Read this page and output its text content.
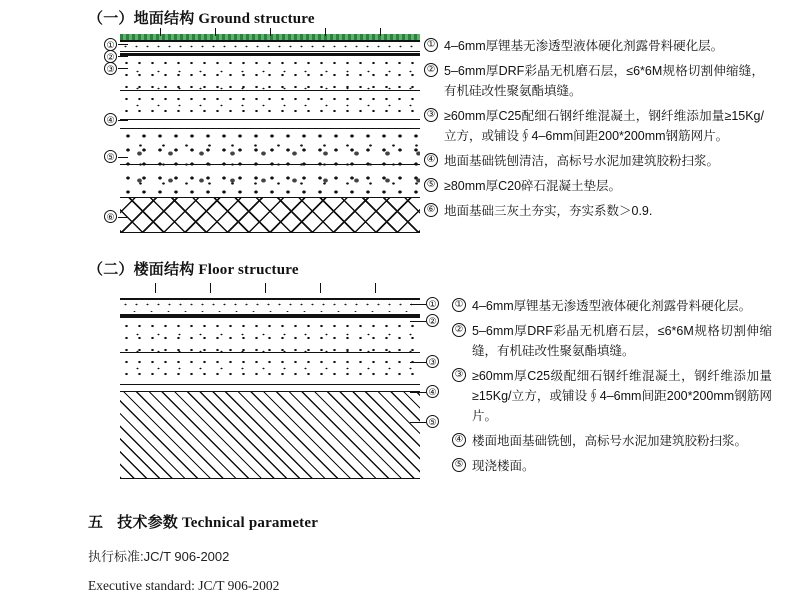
（一）地面结构 Ground structure
①
②
③
④
⑤
⑥
① 4–6mm厚锂基无渗透型液体硬化剂露骨料硬化层。
② 5–6mm厚DRF彩晶无机磨石层，≤6*6M规格切割伸缩缝，有机硅改性聚氨酯填缝。
③ ≥60mm厚C25配细石钢纤维混凝土，钢纤维添加量≥15Kg/立方，或铺设∮4–6mm间距200*200mm钢筋网片。
④ 地面基础铣刨清洁，高标号水泥加建筑胶粉扫浆。
⑤ ≥80mm厚C20碎石混凝土垫层。
⑥ 地面基础三灰土夯实，夯实系数＞0.9.
（二）楼面结构 Floor structure
①
②
③
④
⑤
① 4–6mm厚锂基无渗透型液体硬化剂露骨料硬化层。
② 5–6mm厚DRF彩晶无机磨石层，≤6*6M规格切割伸缩缝，有机硅改性聚氨酯填缝。
③ ≥60mm厚C25级配细石钢纤维混凝土，钢纤维添加量≥15Kg/立方，或铺设∮4–6mm间距200*200mm钢筋网片。
④ 楼面地面基础铣刨，高标号水泥加建筑胶粉扫浆。
⑤ 现浇楼面。
五 技术参数 Technical parameter
执行标准:JC/T 906-2002
Executive standard: JC/T 906-2002
